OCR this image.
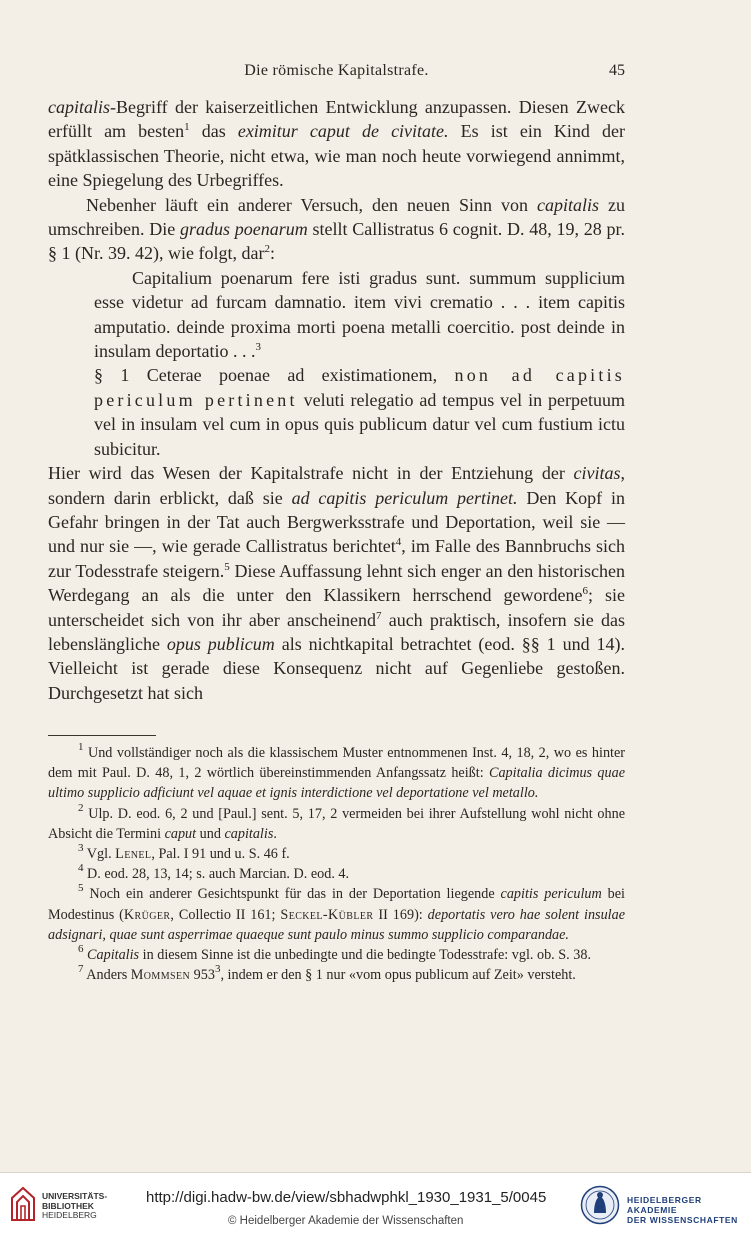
Die römische Kapitalstrafe.	45

capitalis-Begriff der kaiserzeitlichen Entwicklung anzupassen. Diesen Zweck erfüllt am besten$^1$ das eximitur caput de civitate. Es ist ein Kind der spätklassischen Theorie, nicht etwa, wie man noch heute vorwiegend annimmt, eine Spiegelung des Urbegriffes.

Nebenher läuft ein anderer Versuch, den neuen Sinn von capitalis zu umschreiben. Die gradus poenarum stellt Callistratus 6 cognit. D. 48, 19, 28 pr. § 1 (Nr. 39. 42), wie folgt, dar$^2$:

Capitalium poenarum fere isti gradus sunt. summum supplicium esse videtur ad furcam damnatio. item vivi crematio . . . item capitis amputatio. deinde proxima morti poena metalli coercitio. post deinde in insulam deportatio . . .$^3$

§ 1 Ceterae poenae ad existimationem, non ad capitis periculum pertinent veluti relegatio ad tempus vel in perpetuum vel in insulam vel cum in opus quis publicum datur vel cum fustium ictu subicitur.

Hier wird das Wesen der Kapitalstrafe nicht in der Entziehung der civitas, sondern darin erblickt, daß sie ad capitis periculum pertinet. Den Kopf in Gefahr bringen in der Tat auch Bergwerksstrafe und Deportation, weil sie — und nur sie —, wie gerade Callistratus berichtet$^4$, im Falle des Bannbruchs sich zur Todesstrafe steigern.$^5$ Diese Auffassung lehnt sich enger an den historischen Werdegang an als die unter den Klassikern herrschend gewordene$^6$; sie unterscheidet sich von ihr aber anscheinend$^7$ auch praktisch, insofern sie das lebenslängliche opus publicum als nichtkapital betrachtet (eod. §§ 1 und 14). Vielleicht ist gerade diese Konsequenz nicht auf Gegenliebe gestoßen. Durchgesetzt hat sich

$^1$ Und vollständiger noch als die klassischem Muster entnommenen Inst. 4, 18, 2, wo es hinter dem mit Paul. D. 48, 1, 2 wörtlich übereinstimmenden Anfangssatz heißt: Capitalia dicimus quae ultimo supplicio adficiunt vel aquae et ignis interdictione vel deportatione vel metallo.

$^2$ Ulp. D. eod. 6, 2 und [Paul.] sent. 5, 17, 2 vermeiden bei ihrer Aufstellung wohl nicht ohne Absicht die Termini caput und capitalis.

$^3$ Vgl. Lenel, Pal. I 91 und u. S. 46 f.

$^4$ D. eod. 28, 13, 14; s. auch Marcian. D. eod. 4.

$^5$ Noch ein anderer Gesichtspunkt für das in der Deportation liegende capitis periculum bei Modestinus (Krüger, Collectio II 161; Seckel-Kübler II 169): deportatis vero hae solent insulae adsignari, quae sunt asperrimae quaeque sunt paulo minus summo supplicio comparandae.

$^6$ Capitalis in diesem Sinne ist die unbedingte und die bedingte Todesstrafe: vgl. ob. S. 38.

$^7$ Anders Mommsen $953^3$, indem er den § 1 nur «vom opus publicum auf Zeit» versteht.

UNIVERSITÄTS-
BIBLIOTHEK
HEIDELBERG
http://digi.hadw-bw.de/view/sbhadwphkl_1930_1931_5/0045
© Heidelberger Akademie der Wissenschaften
HEIDELBERGER AKADEMIE
DER WISSENSCHAFTEN
